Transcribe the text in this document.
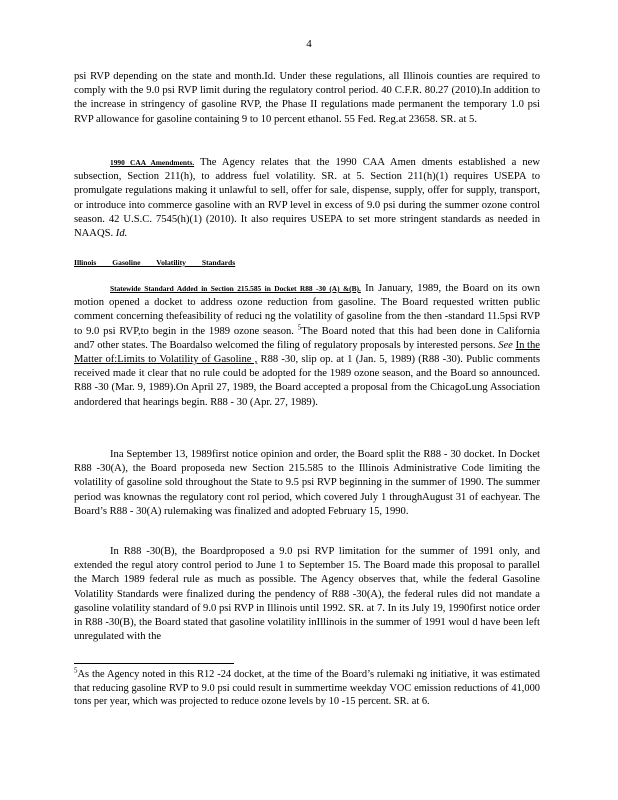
4
psi RVP depending on the state and month.Id. Under these regulations, all Illinois counties are required to comply with the 9.0 psi RVP limit during the regulatory control period. 40 C.F.R. 80.27 (2010).In addition to the increase in stringency of gasoline RVP, the Phase II regulations made permanent the temporary 1.0 psi RVP allowance for gasoline containing 9 to 10 percent ethanol. 55 Fed. Reg.at 23658. SR. at 5.
1990 CAA Amendments. The Agency relates that the 1990 CAA Amen dments established a new subsection, Section 211(h), to address fuel volatility. SR. at 5. Section 211(h)(1) requires USEPA to promulgate regulations making it unlawful to sell, offer for sale, dispense, supply, offer for supply, transport, or introduce into commerce gasoline with an RVP level in excess of 9.0 psi during the summer ozone control season. 42 U.S.C. 7545(h)(1) (2010). It also requires USEPA to set more stringent standards as needed in NAAQS. Id.
Illinois Gasoline Volatility Standards
Statewide Standard Added in Section 215.585 in Docket R88 -30 (A) &(B). In January, 1989, the Board on its own motion opened a docket to address ozone reduction from gasoline. The Board requested written public comment concerning thefeasibility of reduci ng the volatility of gasoline from the then -standard 11.5psi RVP to 9.0 psi RVP,to begin in the 1989 ozone season. $^5$The Board noted that this had been done in California and7 other states. The Boardalso welcomed the filing of regulatory proposals by interested persons. See In the Matter of:Limits to Volatility of Gasoline , R88 -30, slip op. at 1 (Jan. 5, 1989) (R88 -30). Public comments received made it clear that no rule could be adopted for the 1989 ozone season, and the Board so announced. R88 -30 (Mar. 9, 1989).On April 27, 1989, the Board accepted a proposal from the ChicagoLung Association andordered that hearings begin. R88 - 30 (Apr. 27, 1989).
Ina September 13, 1989first notice opinion and order, the Board split the R88 - 30 docket. In Docket R88 -30(A), the Board proposeda new Section 215.585 to the Illinois Administrative Code limiting the volatility of gasoline sold throughout the State to 9.5 psi RVP beginning in the summer of 1990. The summer period was knownas the regulatory cont rol period, which covered July 1 throughAugust 31 of eachyear. The Board’s R88 - 30(A) rulemaking was finalized and adopted February 15, 1990.
In R88 -30(B), the Boardproposed a 9.0 psi RVP limitation for the summer of 1991 only, and extended the regul atory control period to June 1 to September 15. The Board made this proposal to parallel the March 1989 federal rule as much as possible. The Agency observes that, while the federal Gasoline Volatility Standards were finalized during the pendency of R88 -30(A), the federal rules did not mandate a gasoline volatility standard of 9.0 psi RVP in Illinois until 1992. SR. at 7. In its July 19, 1990first notice order in R88 -30(B), the Board stated that gasoline volatility inIllinois in the summer of 1991 woul d have been left unregulated with the
$^5$As the Agency noted in this R12 -24 docket, at the time of the Board’s rulemaki ng initiative, it was estimated that reducing gasoline RVP to 9.0 psi could result in summertime weekday VOC emission reductions of 41,000 tons per year, which was projected to reduce ozone levels by 10 -15 percent. SR. at 6.
